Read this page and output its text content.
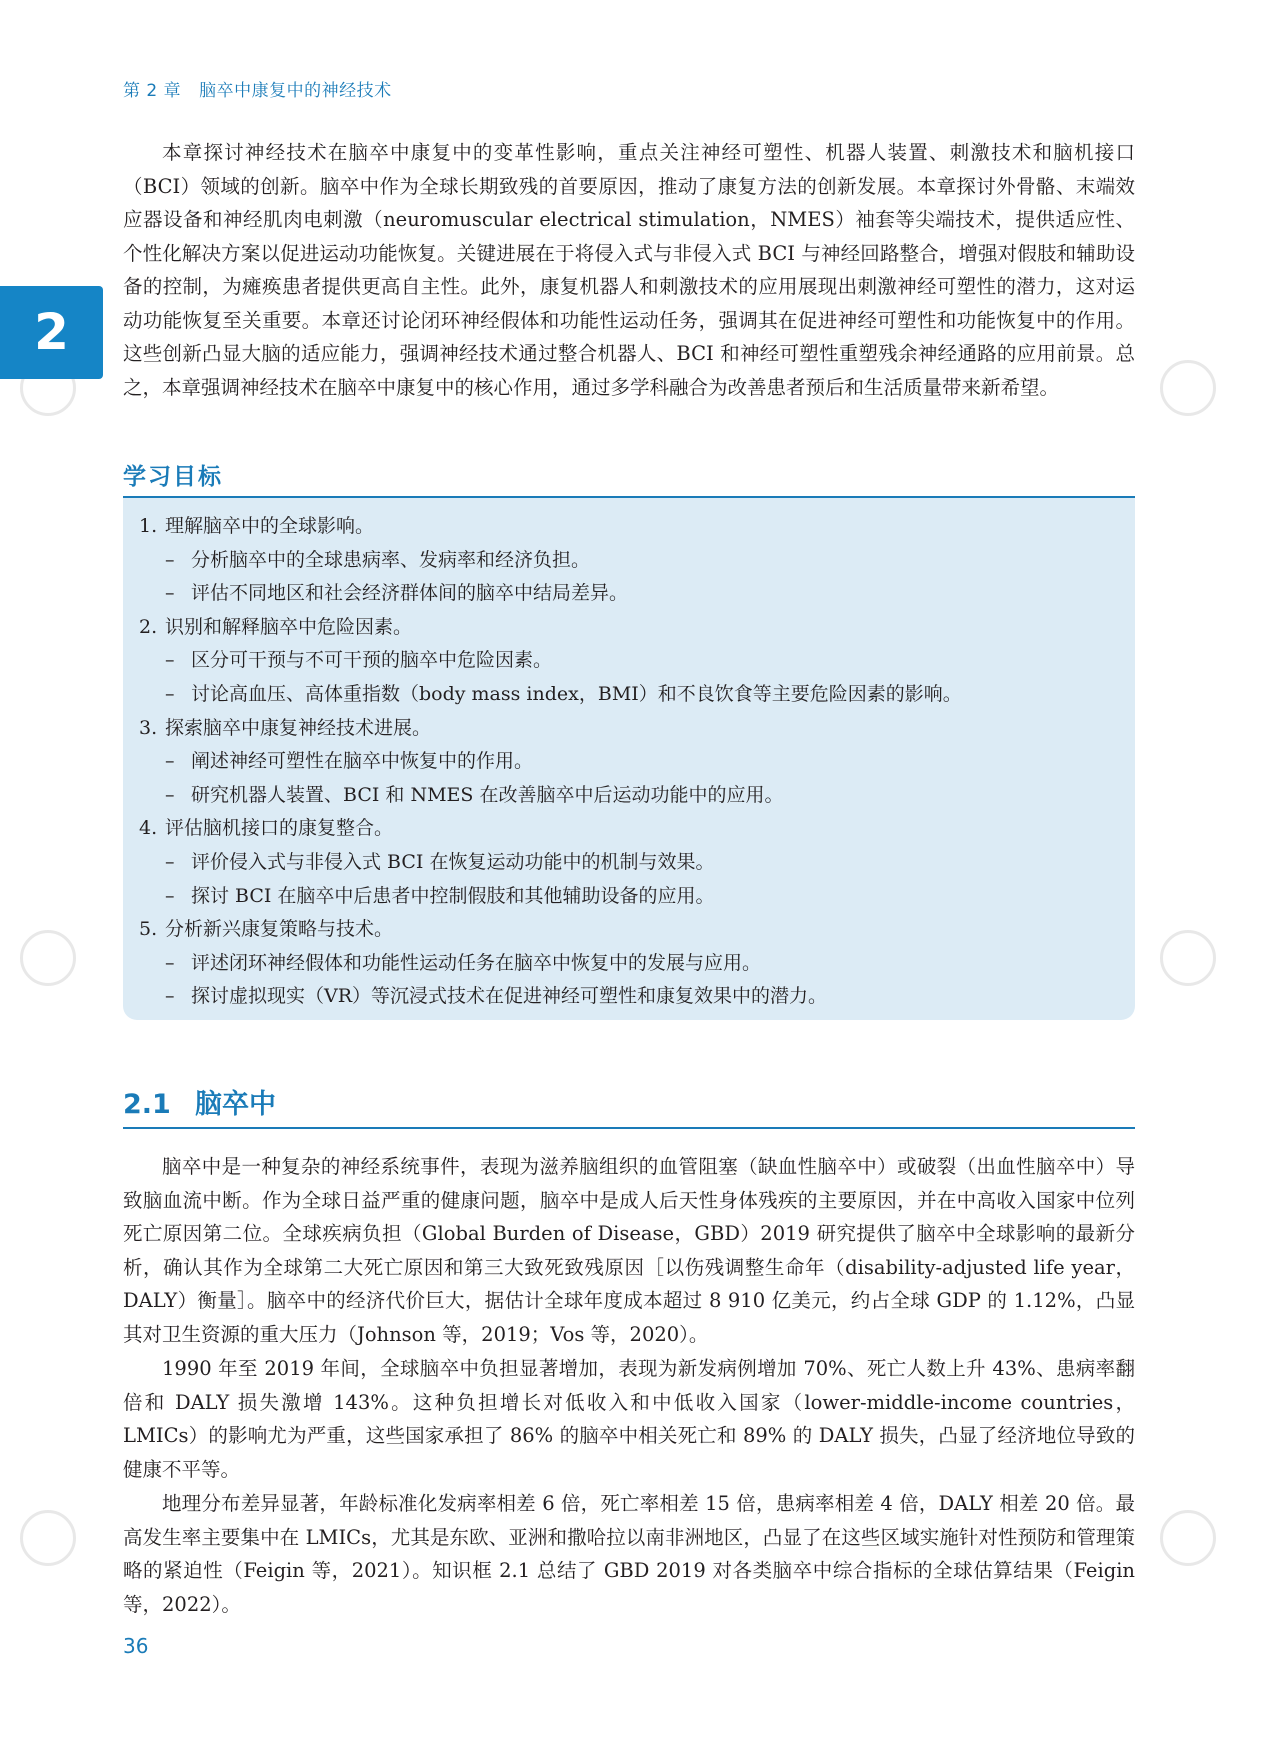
第 2 章 脑卒中康复中的神经技术
2

本章探讨神经技术在脑卒中康复中的变革性影响，重点关注神经可塑性、机器人装置、刺激技术和脑机接口（BCI）领域的创新。脑卒中作为全球长期致残的首要原因，推动了康复方法的创新发展。本章探讨外骨骼、末端效应器设备和神经肌肉电刺激（neuromuscular electrical stimulation，NMES）袖套等尖端技术，提供适应性、个性化解决方案以促进运动功能恢复。关键进展在于将侵入式与非侵入式 BCI 与神经回路整合，增强对假肢和辅助设备的控制，为瘫痪患者提供更高自主性。此外，康复机器人和刺激技术的应用展现出刺激神经可塑性的潜力，这对运动功能恢复至关重要。本章还讨论闭环神经假体和功能性运动任务，强调其在促进神经可塑性和功能恢复中的作用。这些创新凸显大脑的适应能力，强调神经技术通过整合机器人、BCI 和神经可塑性重塑残余神经通路的应用前景。总之，本章强调神经技术在脑卒中康复中的核心作用，通过多学科融合为改善患者预后和生活质量带来新希望。

学习目标
1. 理解脑卒中的全球影响。
– 分析脑卒中的全球患病率、发病率和经济负担。
– 评估不同地区和社会经济群体间的脑卒中结局差异。
2. 识别和解释脑卒中危险因素。
– 区分可干预与不可干预的脑卒中危险因素。
– 讨论高血压、高体重指数（body mass index，BMI）和不良饮食等主要危险因素的影响。
3. 探索脑卒中康复神经技术进展。
– 阐述神经可塑性在脑卒中恢复中的作用。
– 研究机器人装置、BCI 和 NMES 在改善脑卒中后运动功能中的应用。
4. 评估脑机接口的康复整合。
– 评价侵入式与非侵入式 BCI 在恢复运动功能中的机制与效果。
– 探讨 BCI 在脑卒中后患者中控制假肢和其他辅助设备的应用。
5. 分析新兴康复策略与技术。
– 评述闭环神经假体和功能性运动任务在脑卒中恢复中的发展与应用。
– 探讨虚拟现实（VR）等沉浸式技术在促进神经可塑性和康复效果中的潜力。
2.1 脑卒中

脑卒中是一种复杂的神经系统事件，表现为滋养脑组织的血管阻塞（缺血性脑卒中）或破裂（出血性脑卒中）导致脑血流中断。作为全球日益严重的健康问题，脑卒中是成人后天性身体残疾的主要原因，并在中高收入国家中位列死亡原因第二位。全球疾病负担（Global Burden of Disease，GBD）2019 研究提供了脑卒中全球影响的最新分析，确认其作为全球第二大死亡原因和第三大致死致残原因［以伤残调整生命年（disability-adjusted life year，DALY）衡量］。脑卒中的经济代价巨大，据估计全球年度成本超过 8 910 亿美元，约占全球 GDP 的 1.12%，凸显其对卫生资源的重大压力（Johnson 等，2019；Vos 等，2020）。

1990 年至 2019 年间，全球脑卒中负担显著增加，表现为新发病例增加 70%、死亡人数上升 43%、患病率翻倍和 DALY 损失激增 143%。这种负担增长对低收入和中低收入国家（lower-middle-income countries，LMICs）的影响尤为严重，这些国家承担了 86% 的脑卒中相关死亡和 89% 的 DALY 损失，凸显了经济地位导致的健康不平等。

地理分布差异显著，年龄标准化发病率相差 6 倍，死亡率相差 15 倍，患病率相差 4 倍，DALY 相差 20 倍。最高发生率主要集中在 LMICs，尤其是东欧、亚洲和撒哈拉以南非洲地区，凸显了在这些区域实施针对性预防和管理策略的紧迫性（Feigin 等，2021）。知识框 2.1 总结了 GBD 2019 对各类脑卒中综合指标的全球估算结果（Feigin 等，2022）。

36
